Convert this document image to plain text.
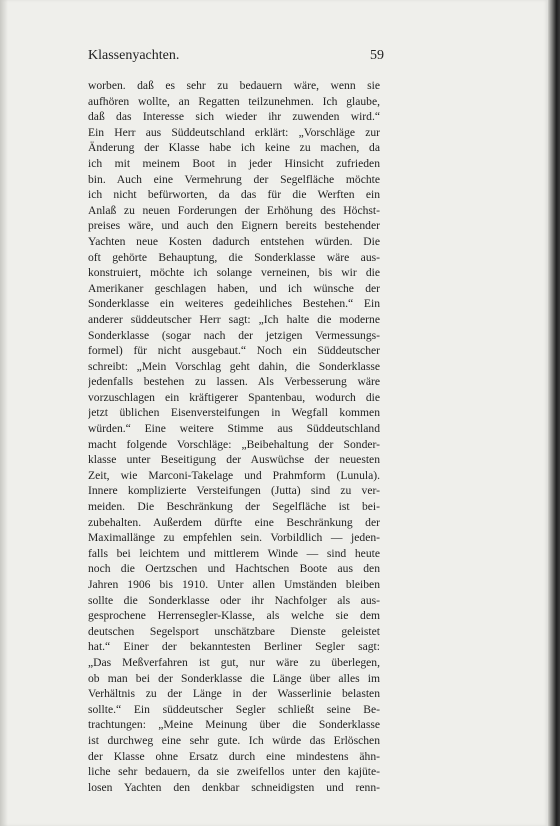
Klassenyachten.	59
worben. daß es sehr zu bedauern wäre, wenn sie
aufhören wollte, an Regatten teilzunehmen. Ich glaube,
daß das Interesse sich wieder ihr zuwenden wird.“
Ein Herr aus Süddeutschland erklärt: „Vorschläge zur
Änderung der Klasse habe ich keine zu machen, da
ich mit meinem Boot in jeder Hinsicht zufrieden
bin. Auch eine Vermehrung der Segelfläche möchte
ich nicht befürworten, da das für die Werften ein
Anlaß zu neuen Forderungen der Erhöhung des Höchst-
preises wäre, und auch den Eignern bereits bestehender
Yachten neue Kosten dadurch entstehen würden. Die
oft gehörte Behauptung, die Sonderklasse wäre aus-
konstruiert, möchte ich solange verneinen, bis wir die
Amerikaner geschlagen haben, und ich wünsche der
Sonderklasse ein weiteres gedeihliches Bestehen.“ Ein
anderer süddeutscher Herr sagt: „Ich halte die moderne
Sonderklasse (sogar nach der jetzigen Vermessungs-
formel) für nicht ausgebaut.“ Noch ein Süddeutscher
schreibt: „Mein Vorschlag geht dahin, die Sonderklasse
jedenfalls bestehen zu lassen. Als Verbesserung wäre
vorzuschlagen ein kräftigerer Spantenbau, wodurch die
jetzt üblichen Eisenversteifungen in Wegfall kommen
würden.“ Eine weitere Stimme aus Süddeutschland
macht folgende Vorschläge: „Beibehaltung der Sonder-
klasse unter Beseitigung der Auswüchse der neuesten
Zeit, wie Marconi-Takelage und Prahmform (Lunula).
Innere komplizierte Versteifungen (Jutta) sind zu ver-
meiden. Die Beschränkung der Segelfläche ist bei-
zubehalten. Außerdem dürfte eine Beschränkung der
Maximallänge zu empfehlen sein. Vorbildlich — jeden-
falls bei leichtem und mittlerem Winde — sind heute
noch die Oertzschen und Hachtschen Boote aus den
Jahren 1906 bis 1910. Unter allen Umständen bleiben
sollte die Sonderklasse oder ihr Nachfolger als aus-
gesprochene Herrensegler-Klasse, als welche sie dem
deutschen Segelsport unschätzbare Dienste geleistet
hat.“ Einer der bekanntesten Berliner Segler sagt:
„Das Meßverfahren ist gut, nur wäre zu überlegen,
ob man bei der Sonderklasse die Länge über alles im
Verhältnis zu der Länge in der Wasserlinie belasten
sollte.“ Ein süddeutscher Segler schließt seine Be-
trachtungen: „Meine Meinung über die Sonderklasse
ist durchweg eine sehr gute. Ich würde das Erlöschen
der Klasse ohne Ersatz durch eine mindestens ähn-
liche sehr bedauern, da sie zweifellos unter den kajüte-
losen Yachten den denkbar schneidigsten und renn-
